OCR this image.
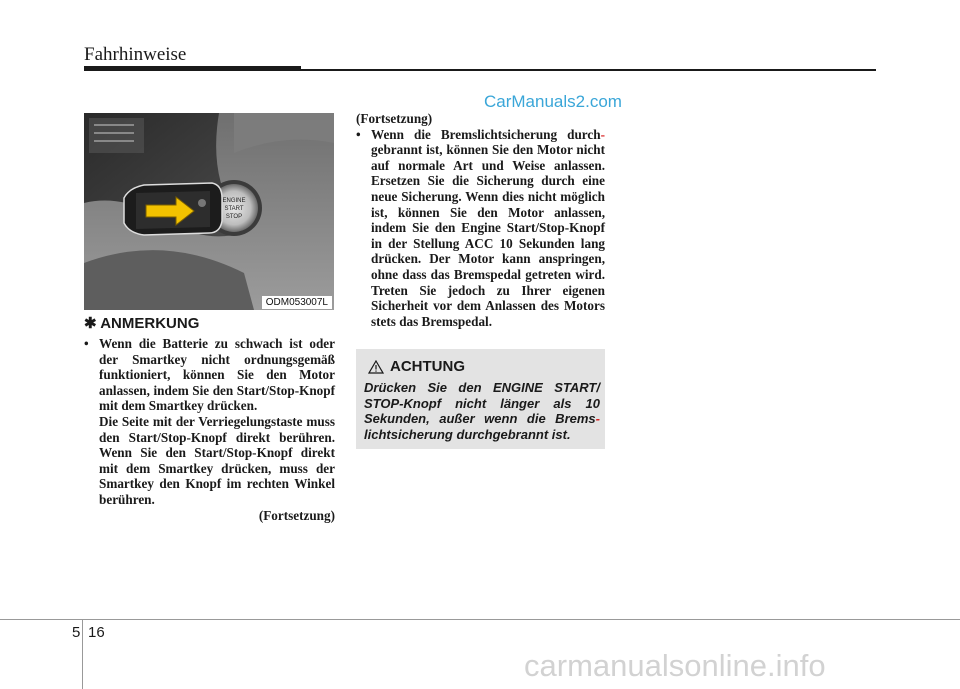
Fahrhinweise
CarManuals2.com
ENGINE
START
STOP
ODM053007L
✱ ANMERKUNG
• Wenn die Batterie zu schwach ist oder der Smartkey nicht ordnungsgemäß funktioniert, können Sie den Motor anlassen, indem Sie den Start/Stop-Knopf mit dem Smartkey drücken.
Die Seite mit der Verriegelungstaste muss den Start/Stop-Knopf direkt berühren. Wenn Sie den Start/Stop-Knopf direkt mit dem Smartkey drücken, muss der Smartkey den Knopf im rechten Winkel berühren.
(Fortsetzung)
(Fortsetzung)
• Wenn die Bremslichtsicherung durch- gebrannt ist, können Sie den Motor nicht auf normale Art und Weise anlassen. Ersetzen Sie die Sicherung durch eine neue Sicherung. Wenn dies nicht möglich ist, können Sie den Motor anlassen, indem Sie den Engine Start/Stop-Knopf in der Stellung ACC 10 Sekunden lang drücken. Der Motor kann anspringen, ohne dass das Bremspedal getreten wird. Treten Sie jedoch zu Ihrer eigenen Sicherheit vor dem Anlassen des Motors stets das Bremspedal.
ACHTUNG
Drücken Sie den ENGINE START/ STOP-Knopf nicht länger als 10 Sekunden, außer wenn die Brems- lichtsicherung durchgebrannt ist.
5 16
carmanualsonline.info
